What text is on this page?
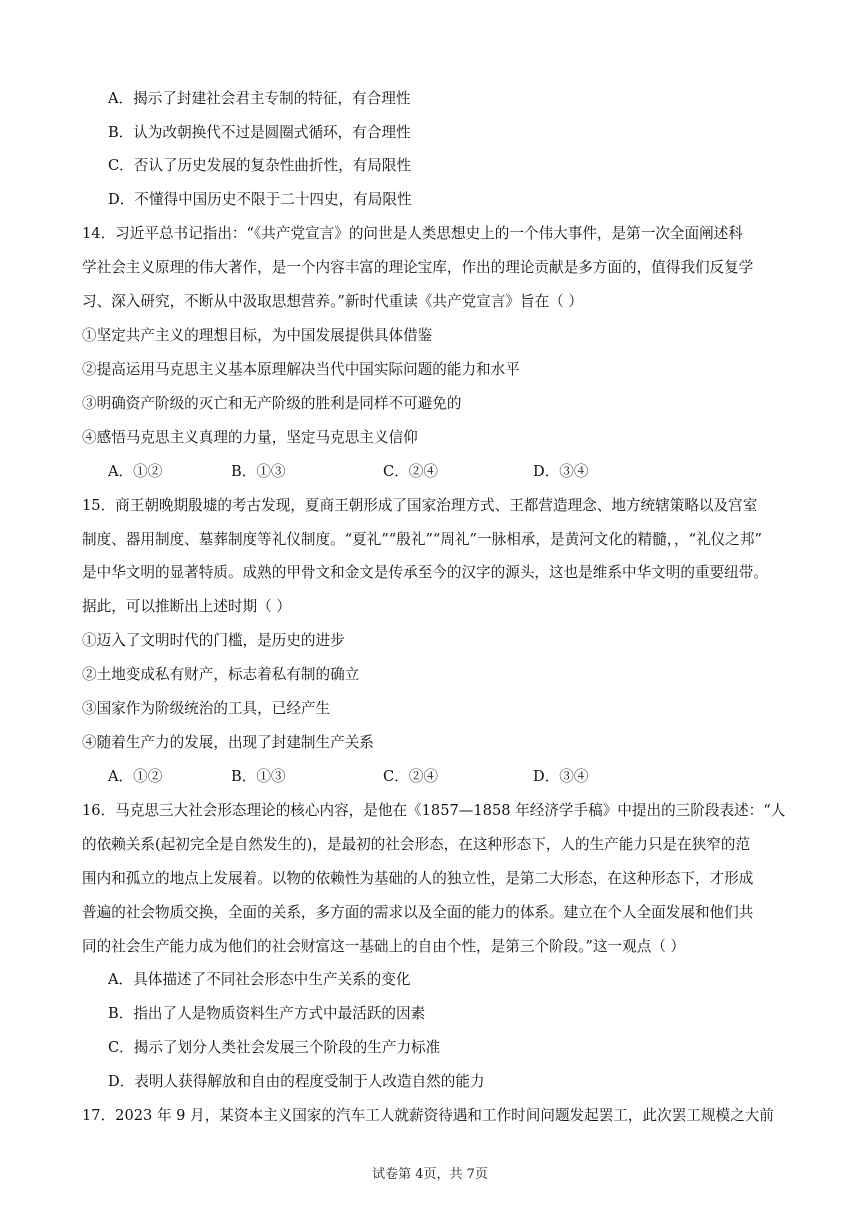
A．揭示了封建社会君主专制的特征，有合理性
B．认为改朝换代不过是圆圈式循环，有合理性
C．否认了历史发展的复杂性曲折性，有局限性
D．不懂得中国历史不限于二十四史，有局限性
14．习近平总书记指出：“《共产党宣言》的问世是人类思想史上的一个伟大事件，是第一次全面阐述科
学社会主义原理的伟大著作，是一个内容丰富的理论宝库，作出的理论贡献是多方面的，值得我们反复学
习、深入研究，不断从中汲取思想营养。”新时代重读《共产党宣言》旨在（ ）
①坚定共产主义的理想目标，为中国发展提供具体借鉴
②提高运用马克思主义基本原理解决当代中国实际问题的能力和水平
③明确资产阶级的灭亡和无产阶级的胜利是同样不可避免的
④感悟马克思主义真理的力量，坚定马克思主义信仰
A．①②	B．①③	C．②④	D．③④
15．商王朝晚期殷墟的考古发现，夏商王朝形成了国家治理方式、王都营造理念、地方统辖策略以及宫室
制度、器用制度、墓葬制度等礼仪制度。“夏礼”“殷礼”“周礼”一脉相承，是黄河文化的精髓，，“礼仪之邦”
是中华文明的显著特质。成熟的甲骨文和金文是传承至今的汉字的源头，这也是维系中华文明的重要纽带。
据此，可以推断出上述时期（ ）
①迈入了文明时代的门槛，是历史的进步
②土地变成私有财产，标志着私有制的确立
③国家作为阶级统治的工具，已经产生
④随着生产力的发展，出现了封建制生产关系
A．①②	B．①③	C．②④	D．③④
16．马克思三大社会形态理论的核心内容，是他在《1857—1858 年经济学手稿》中提出的三阶段表述：“人
的依赖关系(起初完全是自然发生的)，是最初的社会形态，在这种形态下，人的生产能力只是在狭窄的范
围内和孤立的地点上发展着。以物的依赖性为基础的人的独立性，是第二大形态，在这种形态下，才形成
普遍的社会物质交换，全面的关系，多方面的需求以及全面的能力的体系。建立在个人全面发展和他们共
同的社会生产能力成为他们的社会财富这一基础上的自由个性，是第三个阶段。”这一观点（ ）
A．具体描述了不同社会形态中生产关系的变化
B．指出了人是物质资料生产方式中最活跃的因素
C．揭示了划分人类社会发展三个阶段的生产力标准
D．表明人获得解放和自由的程度受制于人改造自然的能力
17．2023 年 9 月，某资本主义国家的汽车工人就薪资待遇和工作时间问题发起罢工，此次罢工规模之大前
试卷第 4页，共 7页
